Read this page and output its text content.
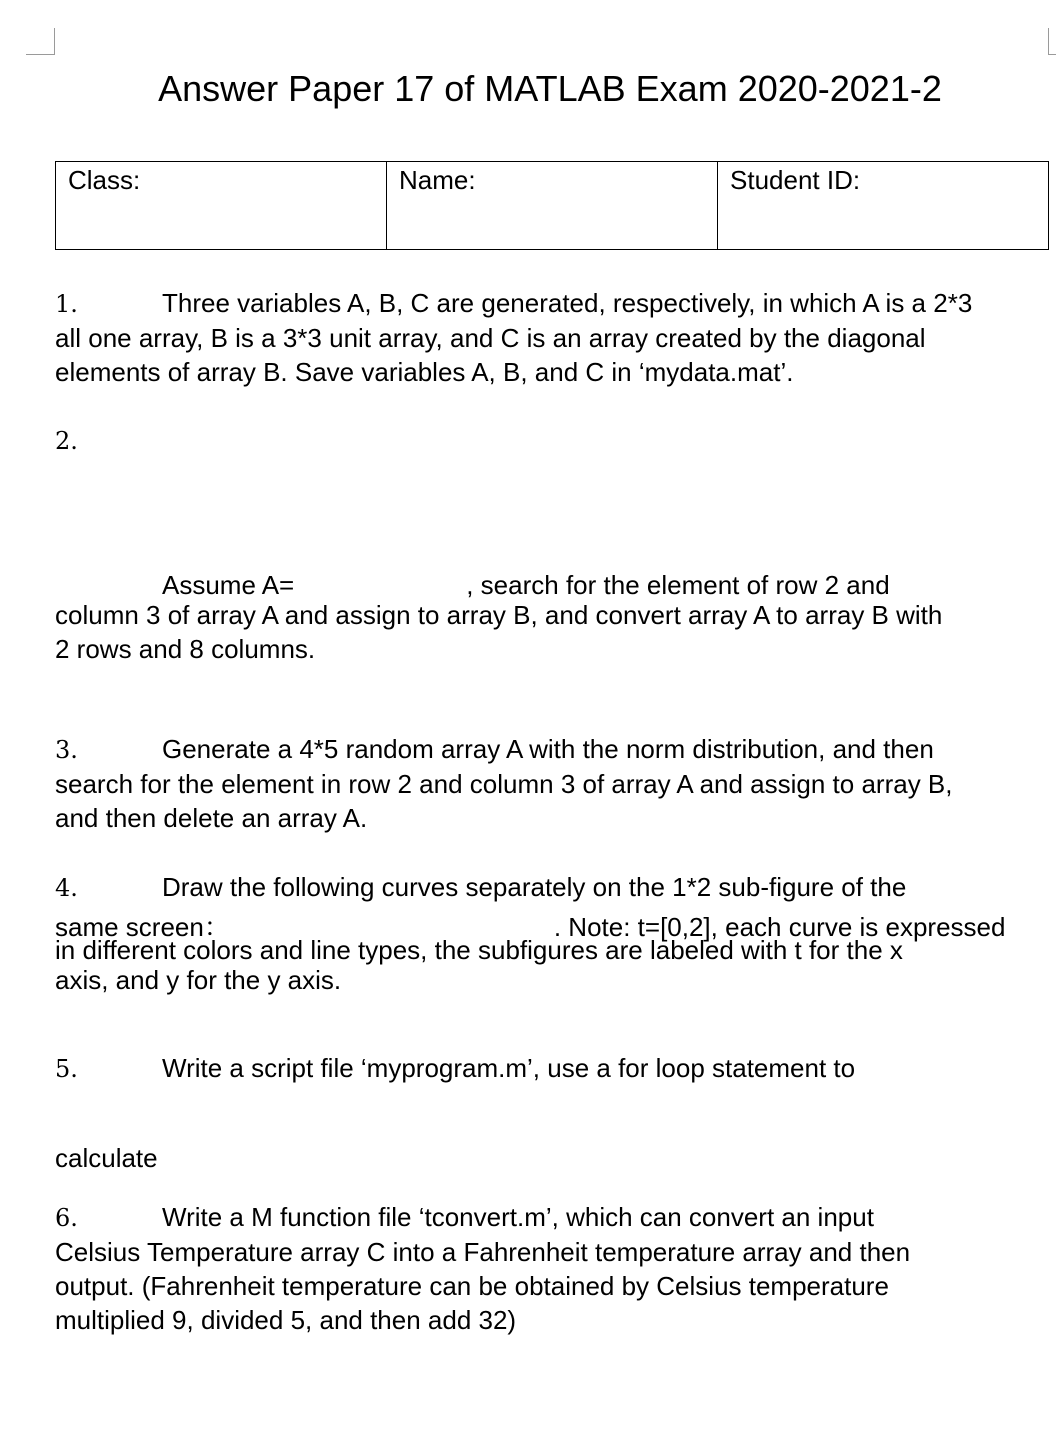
Answer Paper 17 of MATLAB Exam 2020-2021-2
Class:	Name:	Student ID:
1.	Three variables A, B, C are generated, respectively, in which A is a 2*3
all one array, B is a 3*3 unit array, and C is an array created by the diagonal
elements of array B. Save variables A, B, and C in ‘mydata.mat’.
2.
Assume A=	, search for the element of row 2 and
column 3 of array A and assign to array B, and convert array A to array B with
2 rows and 8 columns.
3.	Generate a 4*5 random array A with the norm distribution, and then
search for the element in row 2 and column 3 of array A and assign to array B,
and then delete an array A.
4.	Draw the following curves separately on the 1*2 sub-figure of the
same screen：	. Note: t=[0,2], each curve is expressed
in different colors and line types, the subfigures are labeled with t for the x
axis, and y for the y axis.
5.	Write a script file ‘myprogram.m’, use a for loop statement to
calculate
6.	Write a M function file ‘tconvert.m’, which can convert an input
Celsius Temperature array C into a Fahrenheit temperature array and then
output. (Fahrenheit temperature can be obtained by Celsius temperature
multiplied 9, divided 5, and then add 32)
